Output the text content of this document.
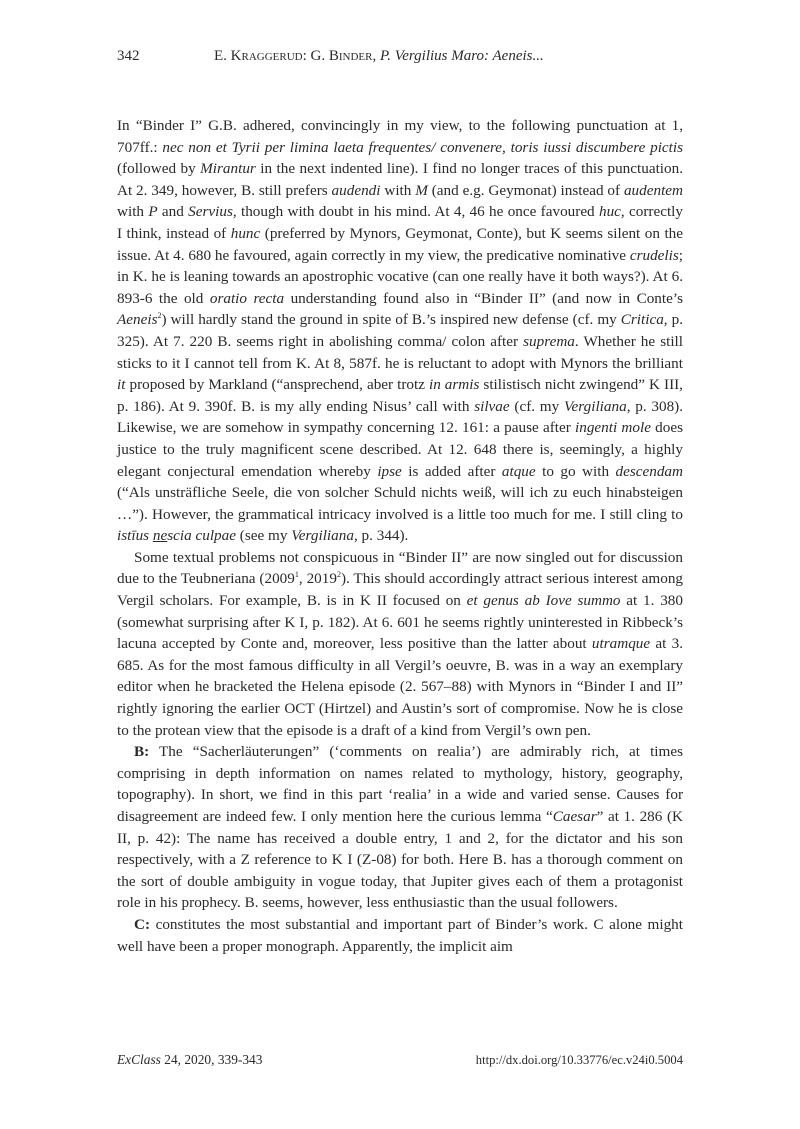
342	E. Kraggerud: G. Binder, P. Vergilius Maro: Aeneis...

In “Binder I” G.B. adhered, convincingly in my view, to the following punctuation at 1, 707ff.: nec non et Tyrii per limina laeta frequentes/ convenere, toris iussi discumbere pictis (followed by Mirantur in the next indented line). I find no longer traces of this punctuation. At 2. 349, however, B. still prefers audendi with M (and e.g. Geymonat) instead of audentem with P and Servius, though with doubt in his mind. At 4, 46 he once favoured huc, correctly I think, instead of hunc (preferred by Mynors, Geymonat, Conte), but K seems silent on the issue. At 4. 680 he favoured, again correctly in my view, the predicative nominative crudelis; in K. he is leaning towards an apostrophic vocative (can one really have it both ways?). At 6. 893-6 the old oratio recta understanding found also in “Binder II” (and now in Conte’s Aeneis$^2$) will hardly stand the ground in spite of B.’s inspired new defense (cf. my Critica, p. 325). At 7. 220 B. seems right in abolishing comma/ colon after suprema. Whether he still sticks to it I cannot tell from K. At 8, 587f. he is reluctant to adopt with Mynors the brilliant it proposed by Markland (“ansprechend, aber trotz in armis stilistisch nicht zwingend” K III, p. 186). At 9. 390f. B. is my ally ending Nisus’ call with silvae (cf. my Vergiliana, p. 308). Likewise, we are somehow in sympathy concerning 12. 161: a pause after ingenti mole does justice to the truly magnificent scene described. At 12. 648 there is, seemingly, a highly elegant conjectural emendation whereby ipse is added after atque to go with descendam (“Als unsträfliche Seele, die von solcher Schuld nichts weiß, will ich zu euch hinabsteigen …”). However, the grammatical intricacy involved is a little too much for me. I still cling to istīus nescia culpae (see my Vergiliana, p. 344).

Some textual problems not conspicuous in “Binder II” are now singled out for discussion due to the Teubneriana (2009$^1$, 2019$^2$). This should accordingly attract serious interest among Vergil scholars. For example, B. is in K II focused on et genus ab Iove summo at 1. 380 (somewhat surprising after K I, p. 182). At 6. 601 he seems rightly uninterested in Ribbeck’s lacuna accepted by Conte and, moreover, less positive than the latter about utramque at 3. 685. As for the most famous difficulty in all Vergil’s oeuvre, B. was in a way an exemplary editor when he bracketed the Helena episode (2. 567–88) with Mynors in “Binder I and II” rightly ignoring the earlier OCT (Hirtzel) and Austin’s sort of compromise. Now he is close to the protean view that the episode is a draft of a kind from Vergil’s own pen.

B: The “Sacherläuterungen” (‘comments on realia’) are admirably rich, at times comprising in depth information on names related to mythology, history, geography, topography). In short, we find in this part ‘realia’ in a wide and varied sense. Causes for disagreement are indeed few. I only mention here the curious lemma “Caesar” at 1. 286 (K II, p. 42): The name has received a double entry, 1 and 2, for the dictator and his son respectively, with a Z reference to K I (Z-08) for both. Here B. has a thorough comment on the sort of double ambiguity in vogue today, that Jupiter gives each of them a protagonist role in his prophecy. B. seems, however, less enthusiastic than the usual followers.

C: constitutes the most substantial and important part of Binder’s work. C alone might well have been a proper monograph. Apparently, the implicit aim

ExClass 24, 2020, 339-343	http://dx.doi.org/10.33776/ec.v24i0.5004
